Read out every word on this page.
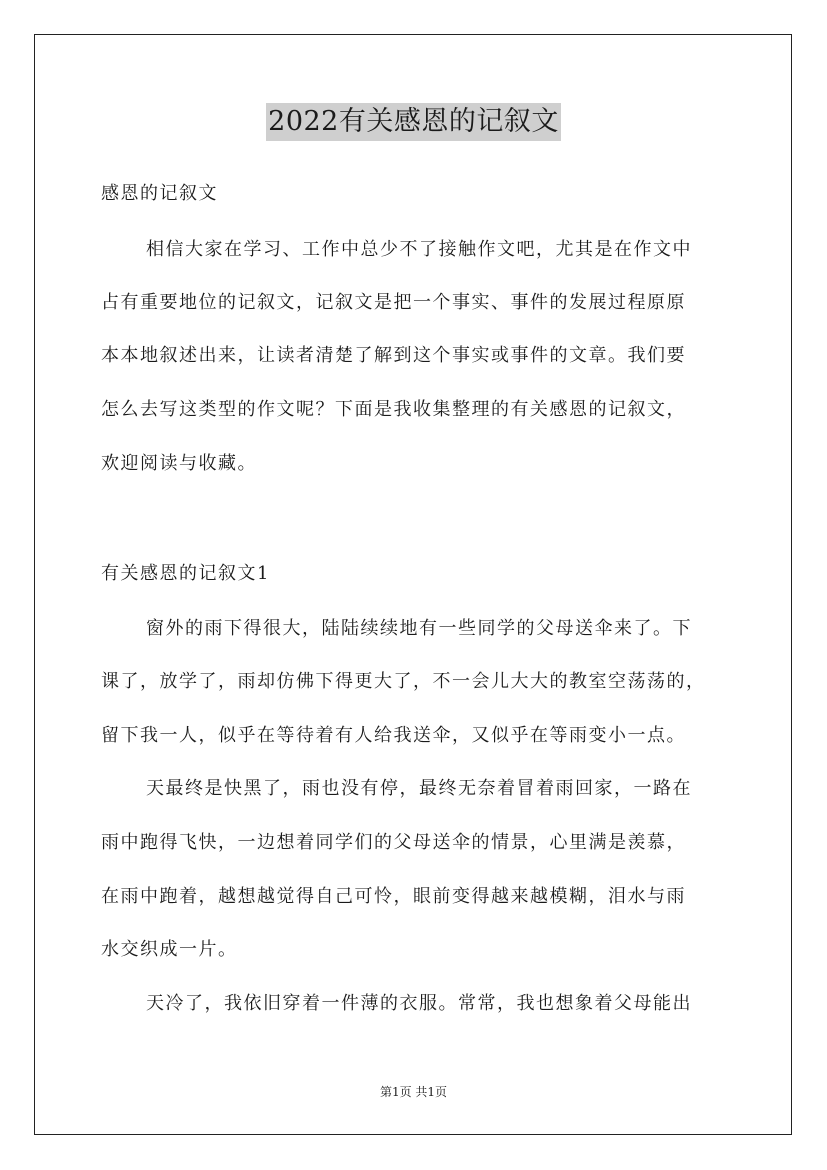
2022有关感恩的记叙文
感恩的记叙文
相信大家在学习、工作中总少不了接触作文吧，尤其是在作文中
占有重要地位的记叙文，记叙文是把一个事实、事件的发展过程原原
本本地叙述出来，让读者清楚了解到这个事实或事件的文章。我们要
怎么去写这类型的作文呢？下面是我收集整理的有关感恩的记叙文，
欢迎阅读与收藏。
有关感恩的记叙文1
窗外的雨下得很大，陆陆续续地有一些同学的父母送伞来了。下
课了，放学了，雨却仿佛下得更大了，不一会儿大大的教室空荡荡的，
留下我一人，似乎在等待着有人给我送伞，又似乎在等雨变小一点。
天最终是快黑了，雨也没有停，最终无奈着冒着雨回家，一路在
雨中跑得飞快，一边想着同学们的父母送伞的情景，心里满是羡慕，
在雨中跑着，越想越觉得自己可怜，眼前变得越来越模糊，泪水与雨
水交织成一片。
天冷了，我依旧穿着一件薄的衣服。常常，我也想象着父母能出
第1页 共1页
